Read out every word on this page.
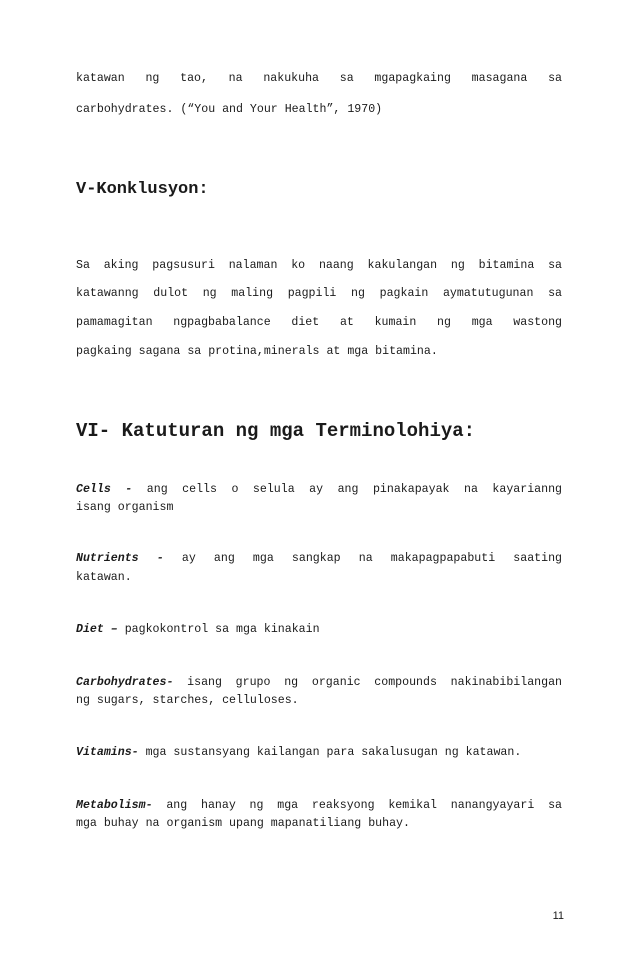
katawan ng tao, na nakukuha sa mgapagkaing masagana sa
carbohydrates. (“You and Your Health”, 1970)
V-Konklusyon:
Sa aking pagsusuri nalaman ko naang kakulangan ng bitamina sa
katawanng dulot ng maling pagpili ng pagkain aymatutugunan sa
pamamagitan ngpagbabalance diet at kumain ng mga wastong
pagkaing sagana sa protina,minerals at mga bitamina.
VI- Katuturan ng mga Terminolohiya:
Cells - ang cells o selula ay ang pinakapayak na kayarianng
isang organism
Nutrients - ay ang mga sangkap na makapagpapabuti saating
katawan.
Diet – pagkokontrol sa mga kinakain
Carbohydrates- isang grupo ng organic compounds nakinabibilangan
ng sugars, starches, celluloses.
Vitamins- mga sustansyang kailangan para sakalusugan ng katawan.
Metabolism- ang hanay ng mga reaksyong kemikal nanangyayari sa
mga buhay na organism upang mapanatiliang buhay.
11
